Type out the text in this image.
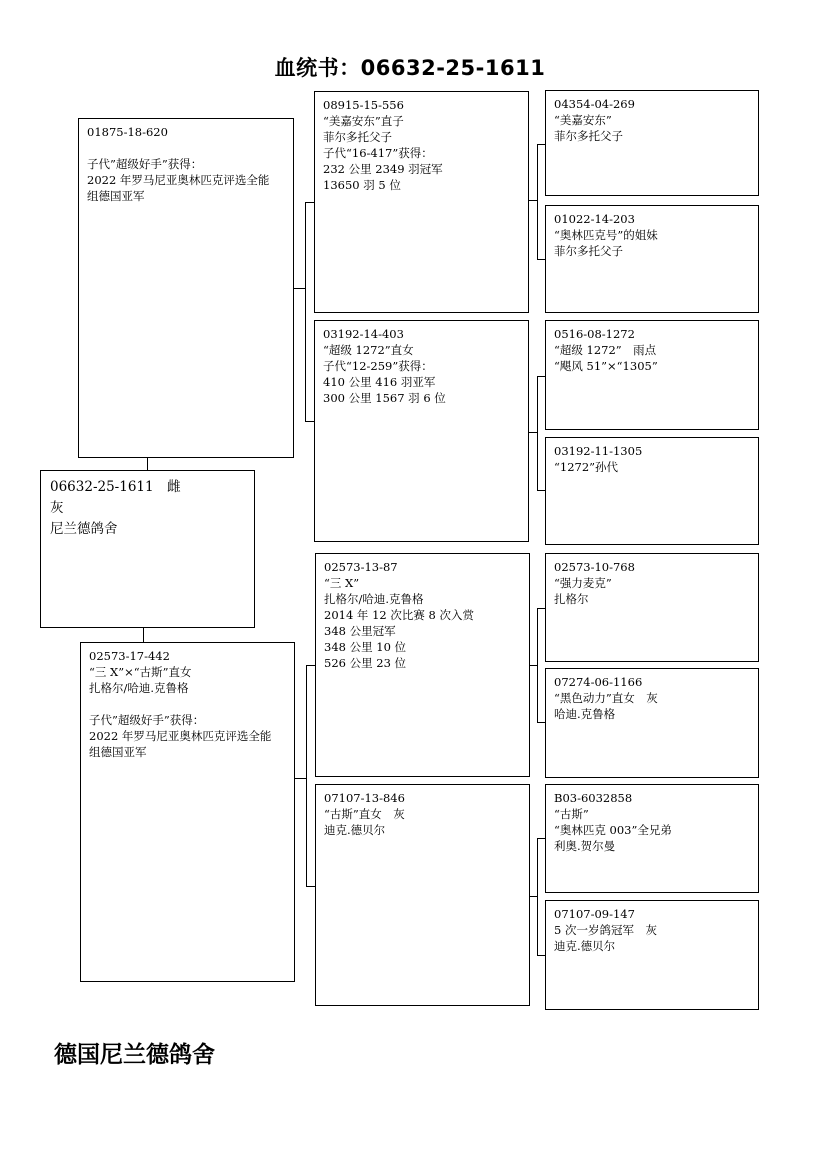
血统书：06632-25-1611
06632-25-1611　雌
灰
尼兰德鸽舍
01875-18-620
子代”超级好手”获得：
2022 年罗马尼亚奥林匹克评选全能
组德国亚军
02573-17-442
“三 X”×“古斯”直女
扎格尔/哈迪.克鲁格
子代”超级好手”获得：
2022 年罗马尼亚奥林匹克评选全能
组德国亚军
08915-15-556
“美嘉安东”直子
菲尔多托父子
子代“16-417”获得：
232 公里 2349 羽冠军
13650 羽 5 位
03192-14-403
“超级 1272”直女
子代“12-259”获得：
410 公里 416 羽亚军
300 公里 1567 羽 6 位
02573-13-87
“三 X”
扎格尔/哈迪.克鲁格
2014 年 12 次比赛 8 次入赏
348 公里冠军
348 公里 10 位
526 公里 23 位
07107-13-846
“古斯”直女　灰
迪克.德贝尔
04354-04-269
“美嘉安东”
菲尔多托父子
01022-14-203
“奥林匹克号”的姐妹
菲尔多托父子
0516-08-1272
“超级 1272”　雨点
“飓风 51”×“1305”
03192-11-1305
“1272”孙代
02573-10-768
“强力麦克”
扎格尔
07274-06-1166
“黑色动力”直女　灰
哈迪.克鲁格
B03-6032858
“古斯”
“奥林匹克 003”全兄弟
利奥.贺尔曼
07107-09-147
5 次一岁鸽冠军　灰
迪克.德贝尔
德国尼兰德鸽舍
